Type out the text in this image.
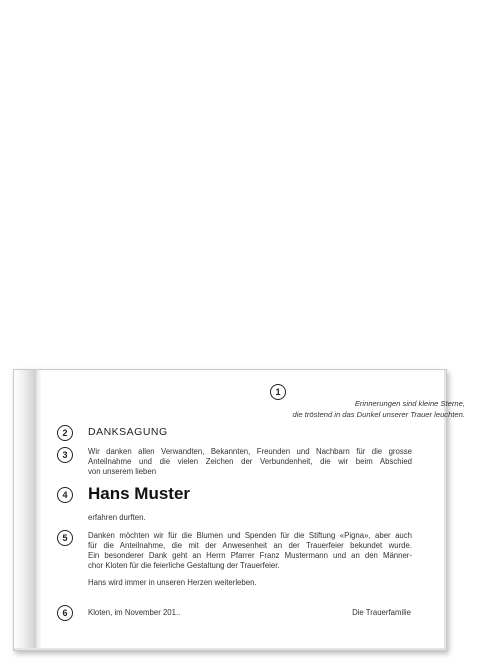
1
2
3
4
5
6
Erinnerungen sind kleine Sterne,
die tröstend in das Dunkel unserer Trauer leuchten.
DANKSAGUNG
Wir danken allen Verwandten, Bekannten, Freunden und Nachbarn für die grosse
Anteilnahme und die vielen Zeichen der Verbundenheit, die wir beim Abschied
von unserem lieben
Hans Muster
erfahren durften.
Danken möchten wir für die Blumen und Spenden für die Stiftung «Pigna», aber auch
für die Anteilnahme, die mit der Anwesenheit an der Trauerfeier bekundet wurde.
Ein besonderer Dank geht an Herrn Pfarrer Franz Mustermann und an den Männer-
chor Kloten für die feierliche Gestaltung der Trauerfeier.
Hans wird immer in unseren Herzen weiterleben.
Kloten, im November 201..	Die Trauerfamilie
